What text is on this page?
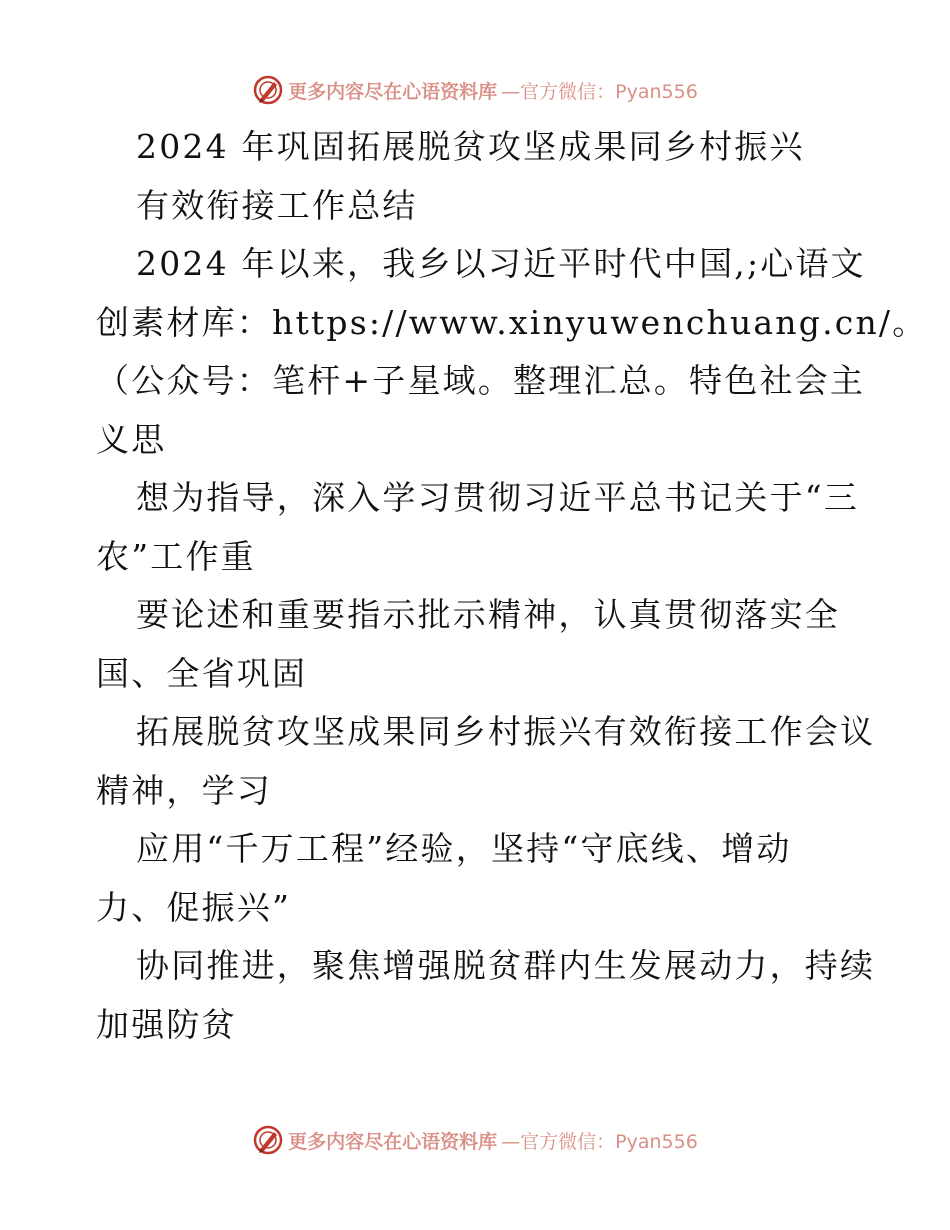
更多内容尽在心语资料库 —官方微信：Pyan556
2024 年巩固拓展脱贫攻坚成果同乡村振兴
有效衔接工作总结
2024 年以来，我乡以习近平时代中国,;心语文
创素材库：https://www.xinyuwenchuang.cn/。
（公众号：笔杆+子星域。整理汇总。特色社会主
义思
想为指导，深入学习贯彻习近平总书记关于“三
农”工作重
要论述和重要指示批示精神，认真贯彻落实全
国、全省巩固
拓展脱贫攻坚成果同乡村振兴有效衔接工作会议
精神，学习
应用“千万工程”经验，坚持“守底线、增动
力、促振兴”
协同推进，聚焦增强脱贫群内生发展动力，持续
加强防贫
更多内容尽在心语资料库 —官方微信：Pyan556
